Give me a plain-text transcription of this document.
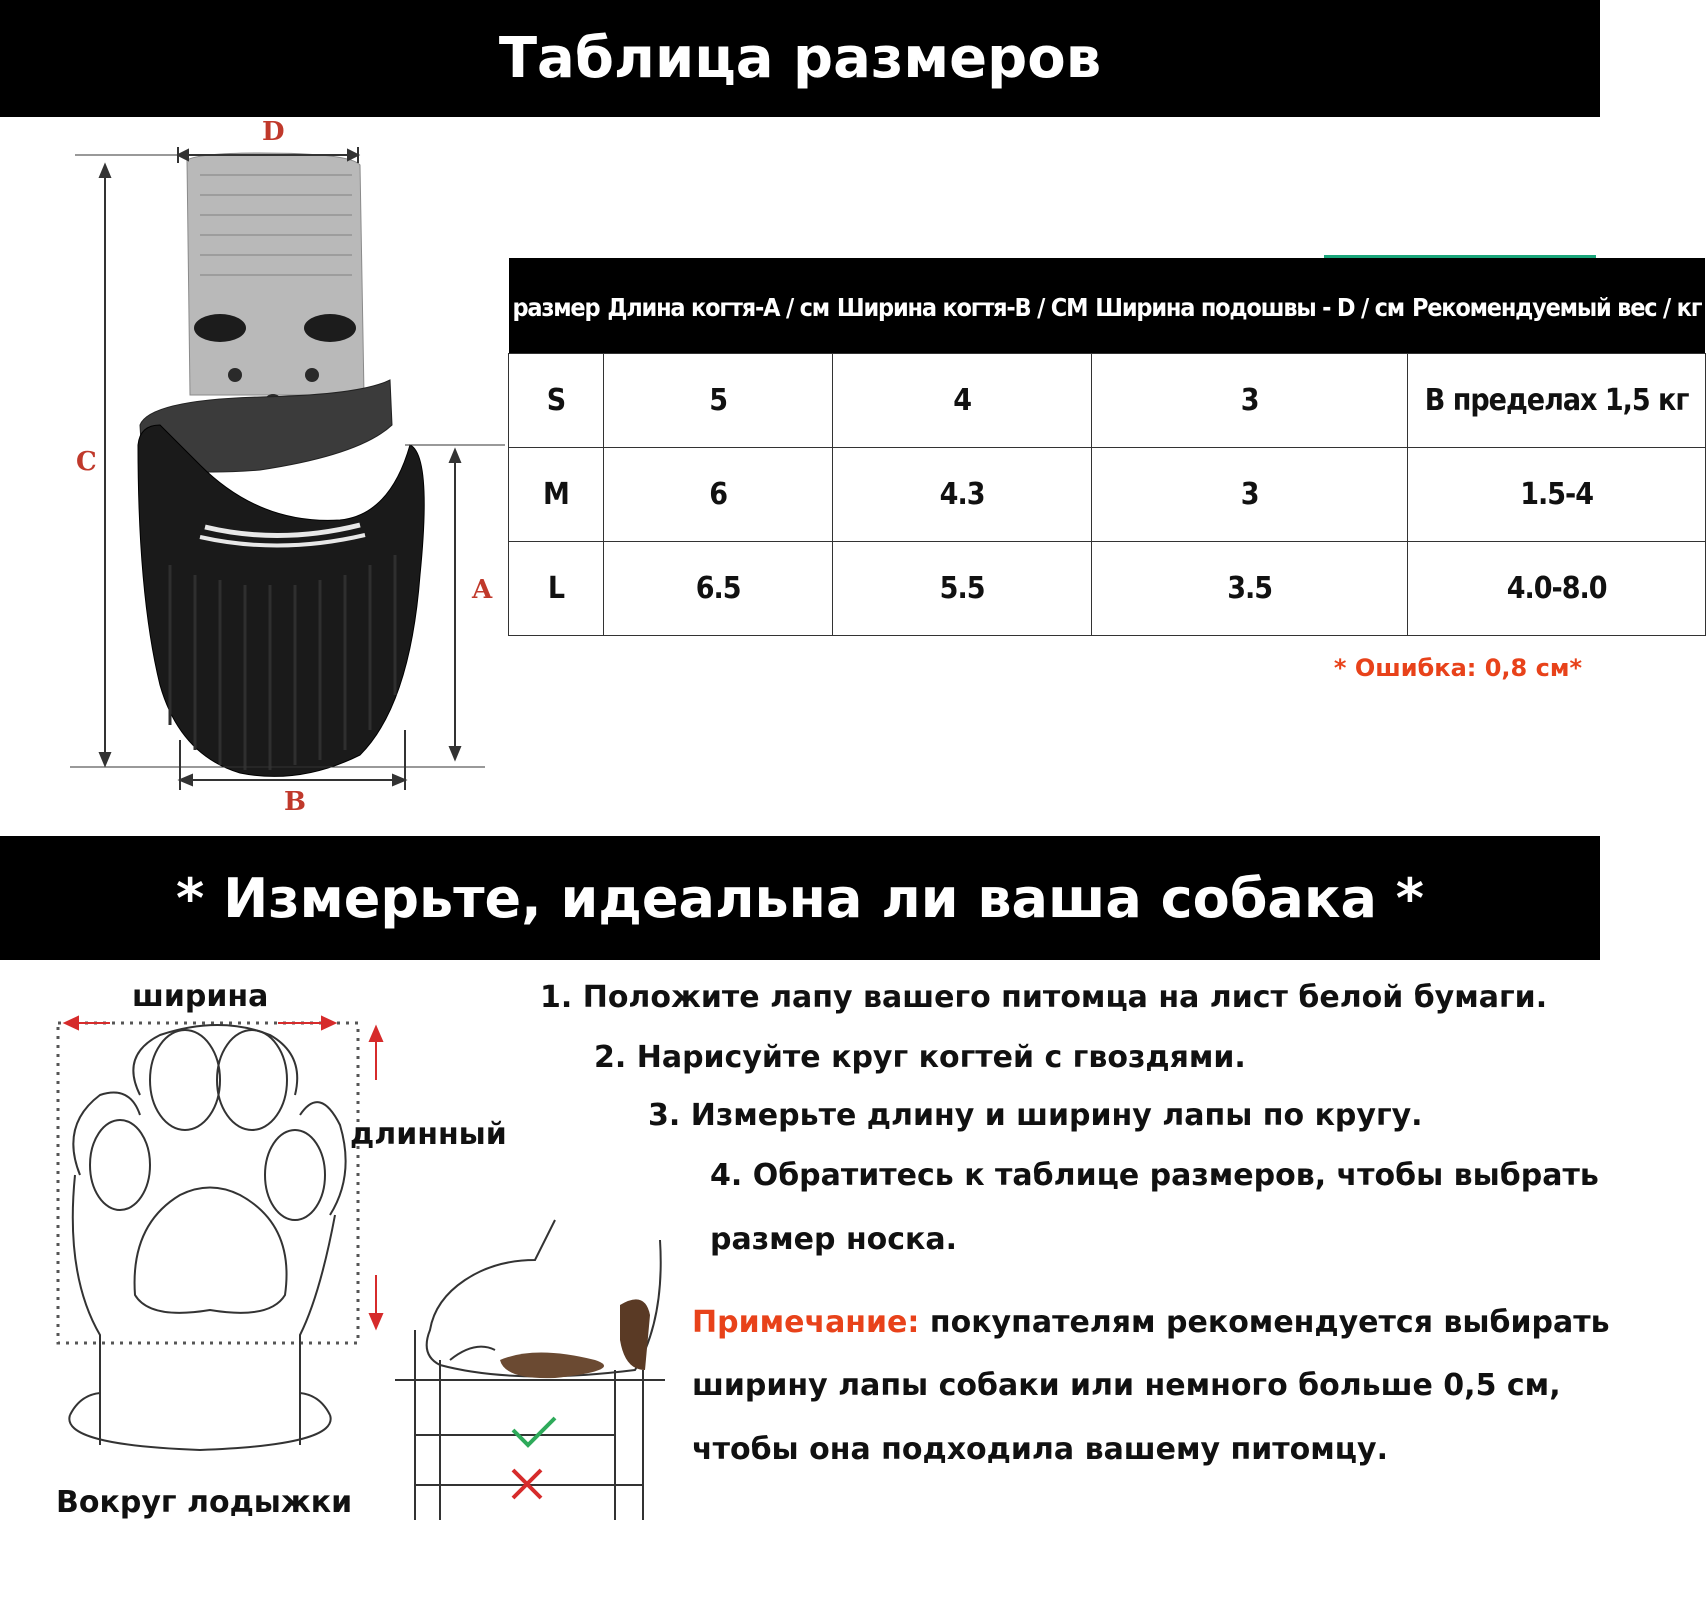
Таблица размеров
D
C
A
B
размер	Длина когтя-A / см	Ширина когтя-B / CM	Ширина подошвы - D / см	Рекомендуемый вес / кг
S	5	4	3	В пределах 1,5 кг
M	6	4.3	3	1.5-4
L	6.5	5.5	3.5	4.0-8.0
* Ошибка: 0,8 см*
* Измерьте, идеальна ли ваша собака *
ширина
длинный
Вокруг лодыжки
1. Положите лапу вашего питомца на лист белой бумаги.
2. Нарисуйте круг когтей с гвоздями.
3. Измерьте длину и ширину лапы по кругу.
4. Обратитесь к таблице размеров, чтобы выбрать
размер носка.
Примечание: покупателям рекомендуется выбирать
ширину лапы собаки или немного больше 0,5 см,
чтобы она подходила вашему питомцу.
